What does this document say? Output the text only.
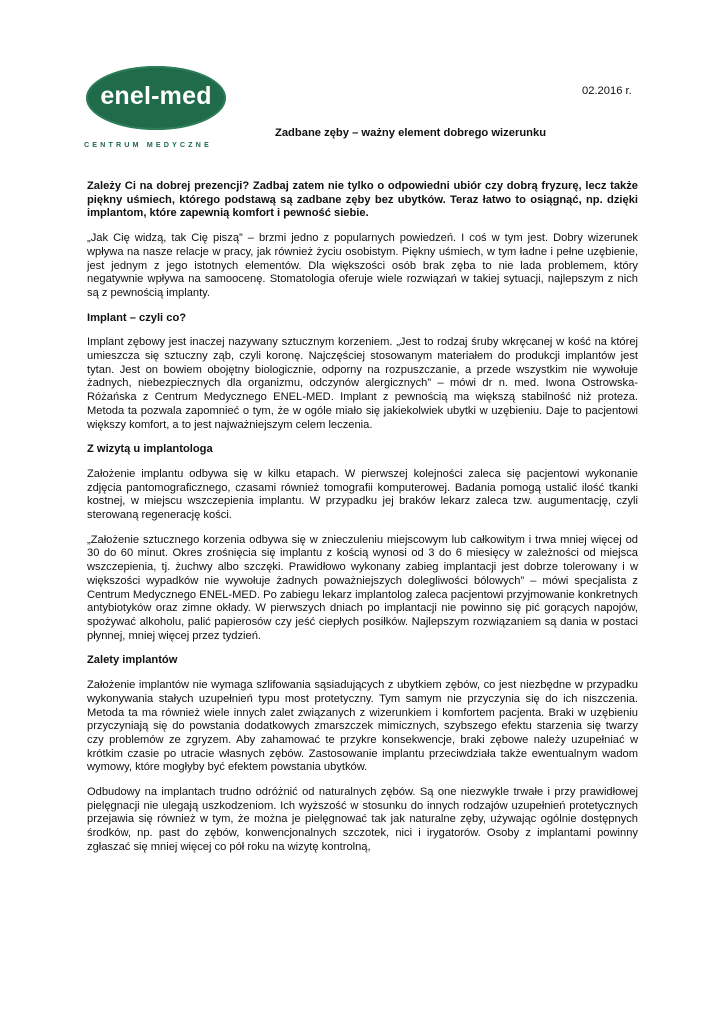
enel-med
CENTRUM MEDYCZNE
02.2016 r.
Zadbane zęby – ważny element dobrego wizerunku

Zależy Ci na dobrej prezencji? Zadbaj zatem nie tylko o odpowiedni ubiór czy dobrą fryzurę, lecz także piękny uśmiech, którego podstawą są zadbane zęby bez ubytków. Teraz łatwo to osiągnąć, np. dzięki implantom, które zapewnią komfort i pewność siebie.

„Jak Cię widzą, tak Cię piszą” – brzmi jedno z popularnych powiedzeń. I coś w tym jest. Dobry wizerunek wpływa na nasze relacje w pracy, jak również życiu osobistym. Piękny uśmiech, w tym ładne i pełne uzębienie, jest jednym z jego istotnych elementów. Dla większości osób brak zęba to nie lada problemem, który negatywnie wpływa na samoocenę. Stomatologia oferuje wiele rozwiązań w takiej sytuacji, najlepszym z nich są z pewnością implanty.

Implant – czyli co?

Implant zębowy jest inaczej nazywany sztucznym korzeniem. „Jest to rodzaj śruby wkręcanej w kość na której umieszcza się sztuczny ząb, czyli koronę. Najczęściej stosowanym materiałem do produkcji implantów jest tytan. Jest on bowiem obojętny biologicznie, odporny na rozpuszczanie, a przede wszystkim nie wywołuje żadnych, niebezpiecznych dla organizmu, odczynów alergicznych” – mówi dr n. med. Iwona Ostrowska-Różańska z Centrum Medycznego ENEL-MED. Implant z pewnością ma większą stabilność niż proteza. Metoda ta pozwala zapomnieć o tym, że w ogóle miało się jakiekolwiek ubytki w uzębieniu. Daje to pacjentowi większy komfort, a to jest najważniejszym celem leczenia.

Z wizytą u implantologa

Założenie implantu odbywa się w kilku etapach. W pierwszej kolejności zaleca się pacjentowi wykonanie zdjęcia pantomograficznego, czasami również tomografii komputerowej. Badania pomogą ustalić ilość tkanki kostnej, w miejscu wszczepienia implantu. W przypadku jej braków lekarz zaleca tzw. augumentację, czyli sterowaną regenerację kości.

„Założenie sztucznego korzenia odbywa się w znieczuleniu miejscowym lub całkowitym i trwa mniej więcej od 30 do 60 minut. Okres zrośnięcia się implantu z kością wynosi od 3 do 6 miesięcy w zależności od miejsca wszczepienia, tj. żuchwy albo szczęki. Prawidłowo wykonany zabieg implantacji jest dobrze tolerowany i w większości wypadków nie wywołuje żadnych poważniejszych dolegliwości bólowych” – mówi specjalista z Centrum Medycznego ENEL-MED. Po zabiegu lekarz implantolog zaleca pacjentowi przyjmowanie konkretnych antybiotyków oraz zimne okłady. W pierwszych dniach po implantacji nie powinno się pić gorących napojów, spożywać alkoholu, palić papierosów czy jeść ciepłych posiłków. Najlepszym rozwiązaniem są dania w postaci płynnej, mniej więcej przez tydzień.

Zalety implantów

Założenie implantów nie wymaga szlifowania sąsiadujących z ubytkiem zębów, co jest niezbędne w przypadku wykonywania stałych uzupełnień typu most protetyczny. Tym samym nie przyczynia się do ich niszczenia. Metoda ta ma również wiele innych zalet związanych z wizerunkiem i komfortem pacjenta. Braki w uzębieniu przyczyniają się do powstania dodatkowych zmarszczek mimicznych, szybszego efektu starzenia się twarzy czy problemów ze zgryzem. Aby zahamować te przykre konsekwencje, braki zębowe należy uzupełniać w krótkim czasie po utracie własnych zębów. Zastosowanie implantu przeciwdziała także ewentualnym wadom wymowy, które mogłyby być efektem powstania ubytków.

Odbudowy na implantach trudno odróżnić od naturalnych zębów. Są one niezwykle trwałe i przy prawidłowej pielęgnacji nie ulegają uszkodzeniom. Ich wyższość w stosunku do innych rodzajów uzupełnień protetycznych przejawia się również w tym, że można je pielęgnować tak jak naturalne zęby, używając ogólnie dostępnych środków, np. past do zębów, konwencjonalnych szczotek, nici i irygatorów. Osoby z implantami powinny zgłaszać się mniej więcej co pół roku na wizytę kontrolną,
